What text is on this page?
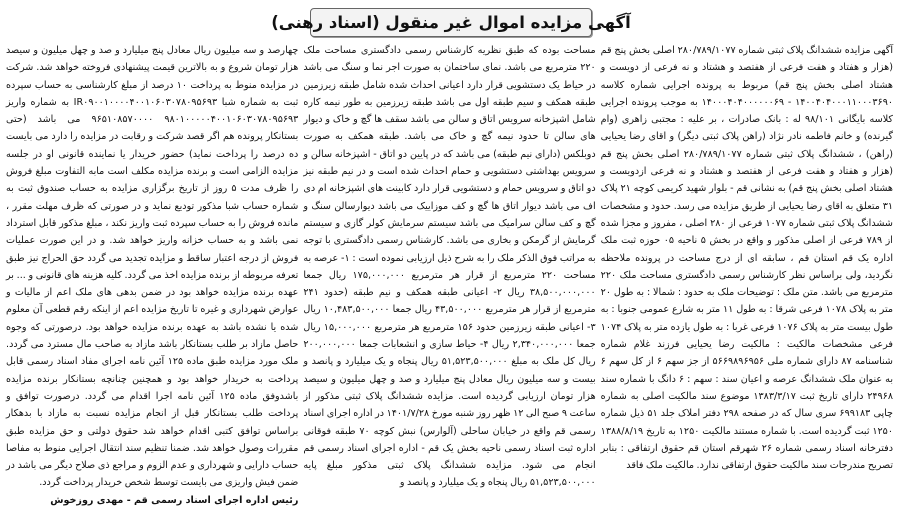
آگهی مزایده اموال غیر منقول (اسناد رهنی)

آگهی مزایده ششدانگ پلاک ثبتی شماره ۲۸۰/۷۸۹/۱۰۷۷ اصلی بخش پنج قم (هزار و هفتاد و هفت فرعی از هفتصد و هشتاد و نه فرعی از دویست و هشتاد اصلی بخش پنج قم) مربوط به پرونده اجرایی شماره کلاسه ۱۴۰۰۴۰۴۰۰۰۱۱۰۰۰۳۶۹۰ - ۱۴۰۰۰۴۰۴۰۰۰۰۰۰۶۹ به موجب پرونده اجرایی کلاسه بایگانی ۹۸/۱۰۱ له : بانک صادرات ، بر علیه : مجتبی زاهری (وام گیرنده) و خانم فاطمه نادر نژاد (راهن پلاک ثبتی دیگر) و اقای رضا یحیایی (راهن) ، ششدانگ پلاک ثبتی شماره ۲۸۰/۷۸۹/۱۰۷۷ اصلی بخش پنج قم (هزار و هفتاد و هفت فرعی از هفتصد و هشتاد و نه فرعی ازدویست و هشتاد اصلی بخش پنج قم) به نشانی قم - بلوار شهید کریمی کوچه ۲۱ پلاک ۳۱ متعلق به اقای رضا یحیایی از طریق مزایده می رسد. حدود و مشخصات ششدانگ پلاک ثبتی شماره ۱۰۷۷ فرعی از ۲۸۰ اصلی ، مفروز و مجزا شده از ۷۸۹ فرعی از اصلی مذکور و واقع در بخش ۵ ناحیه ۰۵ حوزه ثبت ملک اداره یک قم استان قم ، سابقه ای از درج مساحت در پرونده ملاحظه نگردید، ولی براساس نظر کارشناس رسمی دادگستری مساحت ملک ۲۲۰ مترمربع می باشد. متن ملک : توضیحات ملک به حدود : شمالا : به طول ۲۰ متر به پلاک ۱۰۷۸ فرعی شرقا : به طول ۱۱ متر به شارع عمومی جنوبا : به طول بیست متر به پلاک ۱۰۷۶ فرعی غربا : به طول یازده متر به پلاک ۱۰۷۴ فرعی مشخصات مالکیت : مالکیت رضا یحیایی فرزند غلام شماره شناسنامه ۸۷ دارای شماره ملی ۵۶۶۹۸۹۶۹۵۶ از جز سهم ۶ از کل سهم ۶ به عنوان ملک ششدانگ عرصه و اعیان سند : سهم : ۶ دانگ با شماره سند ۲۴۹۶۸ دارای تاریخ ثبت ۱۳۸۳/۳/۱۷ موضوع سند مالکیت اصلی به شماره چاپی ۶۹۹۱۸۳ سری سال که در صفحه ۲۹۸ دفتر املاک جلد ۵۱ ذیل شماره ۱۲۵۰ ثبت گردیده است. با شماره مستند مالکیت ۱۲۵۰ به تاریخ ۱۳۸۸/۸/۱۹ دفترخانه اسناد رسمی شماره ۲۶ شهرقم استان قم حقوق ارتفاقی : بنابر تصریح مندرجات سند مالکیت حقوق ارتفاقی ندارد. مالکیت ملک فاقد

مساحت بوده که طبق نظریه کارشناس رسمی دادگستری مساحت ملک ۲۲۰ مترمربع می باشد. نمای ساختمان به صورت اجر نما و سنگ می باشد در حیاط یک دستشویی قرار دارد اعیانی احداث شده شامل طبقه زیرزمین طبقه همکف و سیم طبقه اول می باشد طبقه زیرزمین به طور نیمه کاره شامل اشپزخانه سرویس اتاق و سالن می باشد سقف ها گچ و خاک و دیوار های سالن تا حدود نیمه گچ و خاک می باشد. طبقه همکف به صورت دوبلکس (دارای نیم طبقه) می باشد که در پایین دو اتاق - اشپزخانه سالن و سرویس بهداشتی دستشویی و حمام احداث شده است و در نیم طبقه نیز دو اتاق و سرویس حمام و دستشویی قرار دارد کابینت های اشپزخانه ام دی اف می باشد دیوار اتاق ها گچ و کف موزاییک می باشد دیوارسالن سنگ و گچ و کف سالن سرامیک می باشد سیستم سرمایش کولر گازی و سیستم گرمایش از گرمکن و بخاری می باشد. کارشناس رسمی دادگستری با توجه به مراتب فوق الذکر ملک را به شرح ذیل ارزیابی نموده است : ۱- عرصه به مساحت ۲۲۰ مترمربع از قرار هر مترمربع ۱۷۵,۰۰۰,۰۰۰ ریال جمعا ۳۸,۵۰۰,۰۰۰,۰۰۰ ریال ۲- اعیانی طبقه همکف و نیم طبقه (حدود ۲۴۱ مترمربع از قرار هر مترمربع ۴۳,۵۰۰,۰۰۰ ریال جمعا ۱۰,۴۸۳,۵۰۰,۰۰۰ ریال ۳- اعیانی طبقه زیرزمین حدود ۱۵۶ مترمربع هر مترمربع ۱۵,۰۰۰,۰۰۰ ریال جمعا ۲,۳۴۰,۰۰۰,۰۰۰ ریال ۴- حیاط سازی و انشعابات جمعا ۲۰۰,۰۰۰,۰۰۰ ریال کل ملک به مبلغ ۵۱,۵۲۳,۵۰۰,۰۰۰ ریال پنجاه و یک میلیارد و پانصد و بیست و سه میلیون ریال معادل پنج میلیارد و صد و چهل میلیون و سیصد هزار تومان ارزیابی گردیده است. مزایده ششدانگ پلاک ثبتی مذکور از ساعت ۹ صبح الی ۱۲ ظهر روز شنبه مورخ ۱۴۰۱/۷/۲۸ در اداره اجرای اسناد رسمی قم واقع در خیابان ساحلی (آلوارس) نبش کوچه ۷۰ طبقه فوقانی اداره ثبت اسناد رسمی ناحیه بخش یک قم - اداره اجرای اسناد رسمی قم انجام می شود. مزایده ششدانگ پلاک ثبتی مذکور مبلغ پایه ۵۱,۵۲۳,۵۰۰,۰۰۰ ریال پنجاه و یک میلیارد و پانصد و

چهارصد و سه میلیون ریال معادل پنج میلیارد و صد و چهل میلیون و سیصد هزار تومان شروع و به بالاترین قیمت پیشنهادی فروخته خواهد شد. شرکت در مزایده منوط به پرداخت ۱۰ درصد از مبلغ کارشناسی به حساب سپرده ثبت به شماره شبا IR۰۹۰۰۱۰۰۰۰۴۰۰۱۰۶۰۳۰۷۸۰۹۵۶۹۳ به شماره واریز ۹۸۰۱۰۰۰۰۰۴۰۰۱۰۶۰۳۰۷۸۰۹۵۶۹۳ ۹۶۵۱۰۸۵۷۰۰۰۰ می باشد (حتی بستانکار پرونده هم اگر قصد شرکت و رقابت در مزایده را دارد می بایست ده درصد را پرداخت نماید) حضور خریدار یا نماینده قانونی او در جلسه مزایده الزامی است و برنده مزایده مکلف است مابه التفاوت مبلغ فروش را ظرف مدت ۵ روز از تاریخ برگزاری مزایده به حساب صندوق ثبت به شماره حساب شبا مذکور تودیع نماید و در صورتی که ظرف مهلت مقرر ، مانده فروش را به حساب سپرده ثبت واریز نکند ، مبلغ مذکور قابل استرداد نمی باشد و به حساب خزانه واریز خواهد شد. و در این صورت عملیات فروش از درجه اعتبار ساقط و مزایده تجدید می گردد حق الحراج نیز طبق تعرفه مربوطه از برنده مزایده اخذ می گردد. کلیه هزینه های قانونی و ... بر عهده برنده مزایده خواهد بود در ضمن بدهی های ملک اعم از مالیات و عوارض شهرداری و غیره تا تاریخ مزایده اعم از اینکه رقم قطعی آن معلوم شده یا نشده باشد به عهده برنده مزایده خواهد بود. درصورتی که وجوه حاصل مازاد بر طلب بستانکار باشد مازاد به صاحب مال مسترد می گردد. ملک مورد مزایده طبق ماده ۱۲۵ آئین نامه اجرای مفاد اسناد رسمی قابل پرداخت به خریدار خواهد بود و همچنین چنانچه بستانکار برنده مزایده باشدوفق ماده ۱۲۵ آئین نامه اجرا اقدام می گردد. درصورت توافق و پرداخت طلب بستانکار قبل از انجام مزایده نسبت به مازاد با بدهکار براساس توافق کتبی اقدام خواهد شد حقوق دولتی و حق مزایده طبق مقررات وصول خواهد شد. ضمنا تنظیم سند انتقال اجرایی منوط به مفاصا حساب دارایی و شهرداری و عدم الزوم و مراجع ذی صلاح دیگر می باشد در ضمن فیش واریزی می بایست توسط شخص خریدار پرداخت گردد.

رئیس اداره اجرای اسناد رسمی قم - مهدی روزخوش
